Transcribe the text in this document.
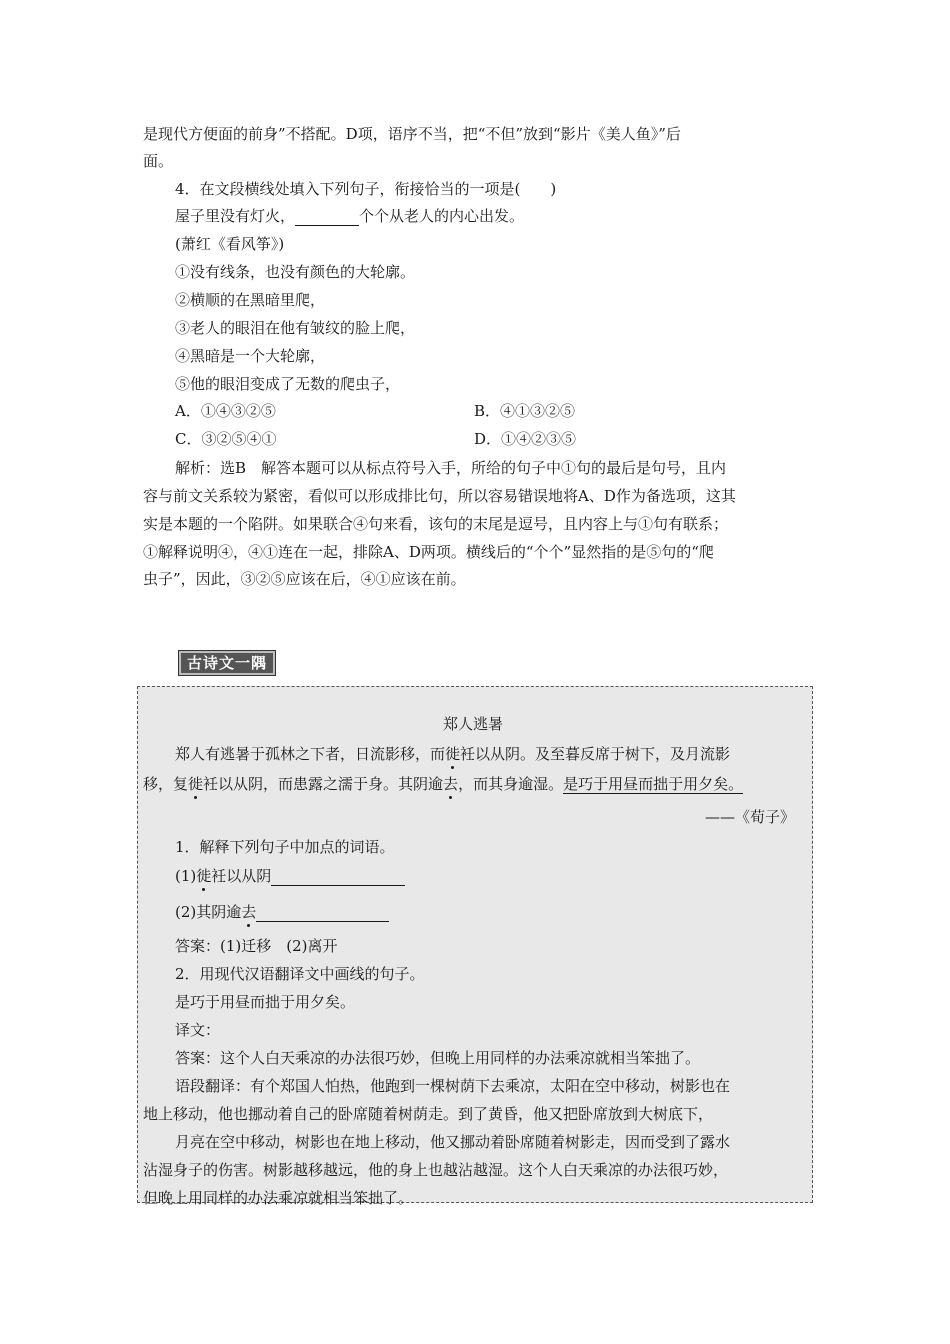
是现代方便面的前身”不搭配。D项，语序不当，把“不但”放到“影片《美人鱼》”后
面。
4．在文段横线处填入下列句子，衔接恰当的一项是(　　)
屋子里没有灯火，	个个从老人的内心出发。
(萧红《看风筝》)
①没有线条，也没有颜色的大轮廓。
②横顺的在黑暗里爬，
③老人的眼泪在他有皱纹的脸上爬，
④黑暗是一个大轮廓，
⑤他的眼泪变成了无数的爬虫子，
A．①④③②⑤	B．④①③②⑤
C．③②⑤④①	D．①④②③⑤
解析：选B　解答本题可以从标点符号入手，所给的句子中①句的最后是句号，且内
容与前文关系较为紧密，看似可以形成排比句，所以容易错误地将A、D作为备选项，这其
实是本题的一个陷阱。如果联合④句来看，该句的末尾是逗号，且内容上与①句有联系；
①解释说明④，④①连在一起，排除A、D两项。横线后的“个个”显然指的是⑤句的“爬
虫子”，因此，③②⑤应该在后，④①应该在前。
古诗文一隅
郑人逃暑
郑人有逃暑于孤林之下者，日流影移，而徙衽以从阴。及至暮反席于树下，及月流影
移，复徙衽以从阴，而患露之濡于身。其阴逾去，而其身逾湿。是巧于用昼而拙于用夕矣。
——《荀子》
1．解释下列句子中加点的词语。
(1)徙衽以从阴
(2)其阴逾去
答案：(1)迁移　(2)离开
2．用现代汉语翻译文中画线的句子。
是巧于用昼而拙于用夕矣。
译文：
答案：这个人白天乘凉的办法很巧妙，但晚上用同样的办法乘凉就相当笨拙了。
语段翻译：有个郑国人怕热，他跑到一棵树荫下去乘凉，太阳在空中移动，树影也在
地上移动，他也挪动着自己的卧席随着树荫走。到了黄昏，他又把卧席放到大树底下，
月亮在空中移动，树影也在地上移动，他又挪动着卧席随着树影走，因而受到了露水
沾湿身子的伤害。树影越移越远，他的身上也越沾越湿。这个人白天乘凉的办法很巧妙，
但晚上用同样的办法乘凉就相当笨拙了。
